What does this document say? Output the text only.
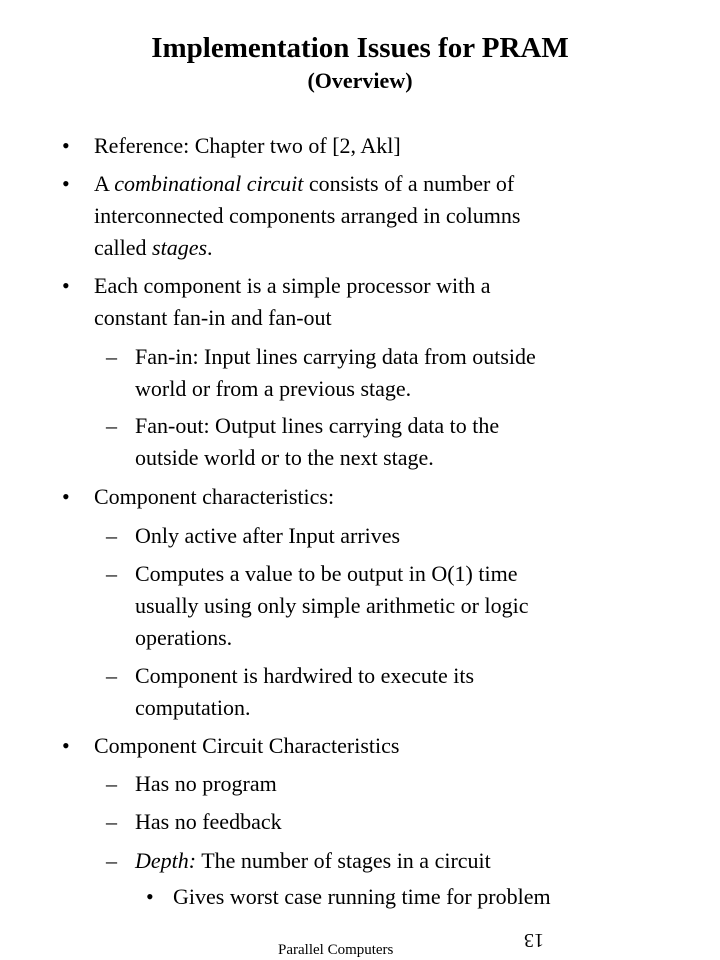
Implementation Issues for PRAM
(Overview)
• Reference: Chapter two of [2, Akl]
• A combinational circuit consists of a number of
interconnected components arranged in columns
called stages.
• Each component is a simple processor with a
constant fan-in and fan-out
– Fan-in: Input lines carrying data from outside
world or from a previous stage.
– Fan-out: Output lines carrying data to the
outside world or to the next stage.
• Component characteristics:
– Only active after Input arrives
– Computes a value to be output in O(1) time
usually using only simple arithmetic or logic
operations.
– Component is hardwired to execute its
computation.
• Component Circuit Characteristics
– Has no program
– Has no feedback
– Depth: The number of stages in a circuit
• Gives worst case running time for problem
Parallel Computers	13
